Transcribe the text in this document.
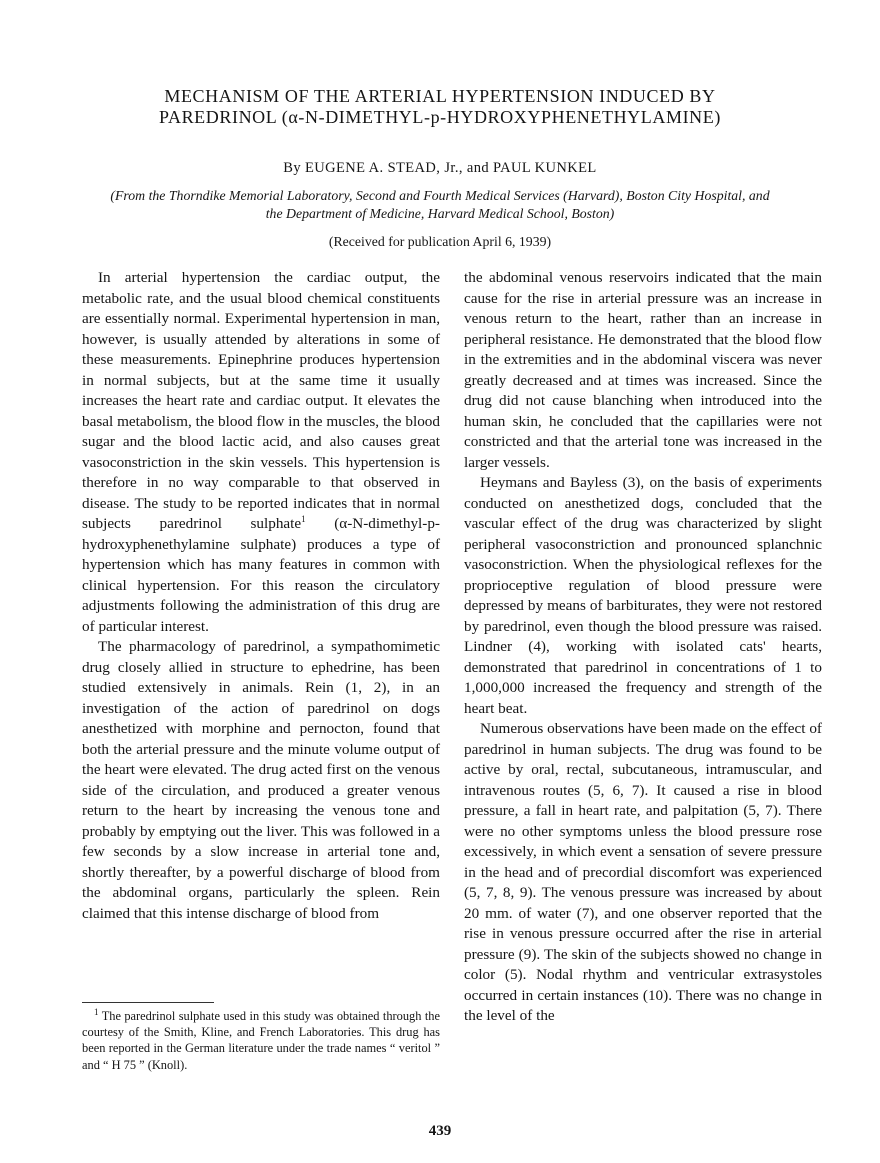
MECHANISM OF THE ARTERIAL HYPERTENSION INDUCED BY PAREDRINOL (α-N-DIMETHYL-p-HYDROXYPHENETHYLAMINE)
By EUGENE A. STEAD, Jr., and PAUL KUNKEL
(From the Thorndike Memorial Laboratory, Second and Fourth Medical Services (Harvard), Boston City Hospital, and the Department of Medicine, Harvard Medical School, Boston)
(Received for publication April 6, 1939)

In arterial hypertension the cardiac output, the metabolic rate, and the usual blood chemical constituents are essentially normal. Experimental hypertension in man, however, is usually attended by alterations in some of these measurements. Epinephrine produces hypertension in normal subjects, but at the same time it usually increases the heart rate and cardiac output. It elevates the basal metabolism, the blood flow in the muscles, the blood sugar and the blood lactic acid, and also causes great vasoconstriction in the skin vessels. This hypertension is therefore in no way comparable to that observed in disease. The study to be reported indicates that in normal subjects paredrinol sulphate$^1$ (α-N-dimethyl-p-hydroxyphenethylamine sulphate) produces a type of hypertension which has many features in common with clinical hypertension. For this reason the circulatory adjustments following the administration of this drug are of particular interest.

The pharmacology of paredrinol, a sympathomimetic drug closely allied in structure to ephedrine, has been studied extensively in animals. Rein (1, 2), in an investigation of the action of paredrinol on dogs anesthetized with morphine and pernocton, found that both the arterial pressure and the minute volume output of the heart were elevated. The drug acted first on the venous side of the circulation, and produced a greater venous return to the heart by increasing the venous tone and probably by emptying out the liver. This was followed in a few seconds by a slow increase in arterial tone and, shortly thereafter, by a powerful discharge of blood from the abdominal organs, particularly the spleen. Rein claimed that this intense discharge of blood from

the abdominal venous reservoirs indicated that the main cause for the rise in arterial pressure was an increase in venous return to the heart, rather than an increase in peripheral resistance. He demonstrated that the blood flow in the extremities and in the abdominal viscera was never greatly decreased and at times was increased. Since the drug did not cause blanching when introduced into the human skin, he concluded that the capillaries were not constricted and that the arterial tone was increased in the larger vessels.

Heymans and Bayless (3), on the basis of experiments conducted on anesthetized dogs, concluded that the vascular effect of the drug was characterized by slight peripheral vasoconstriction and pronounced splanchnic vasoconstriction. When the physiological reflexes for the proprioceptive regulation of blood pressure were depressed by means of barbiturates, they were not restored by paredrinol, even though the blood pressure was raised. Lindner (4), working with isolated cats' hearts, demonstrated that paredrinol in concentrations of 1 to 1,000,000 increased the frequency and strength of the heart beat.

Numerous observations have been made on the effect of paredrinol in human subjects. The drug was found to be active by oral, rectal, subcutaneous, intramuscular, and intravenous routes (5, 6, 7). It caused a rise in blood pressure, a fall in heart rate, and palpitation (5, 7). There were no other symptoms unless the blood pressure rose excessively, in which event a sensation of severe pressure in the head and of precordial discomfort was experienced (5, 7, 8, 9). The venous pressure was increased by about 20 mm. of water (7), and one observer reported that the rise in venous pressure occurred after the rise in arterial pressure (9). The skin of the subjects showed no change in color (5). Nodal rhythm and ventricular extrasystoles occurred in certain instances (10). There was no change in the level of the

$^1$ The paredrinol sulphate used in this study was obtained through the courtesy of the Smith, Kline, and French Laboratories. This drug has been reported in the German literature under the trade names “ veritol ” and “ H 75 ” (Knoll).

439
